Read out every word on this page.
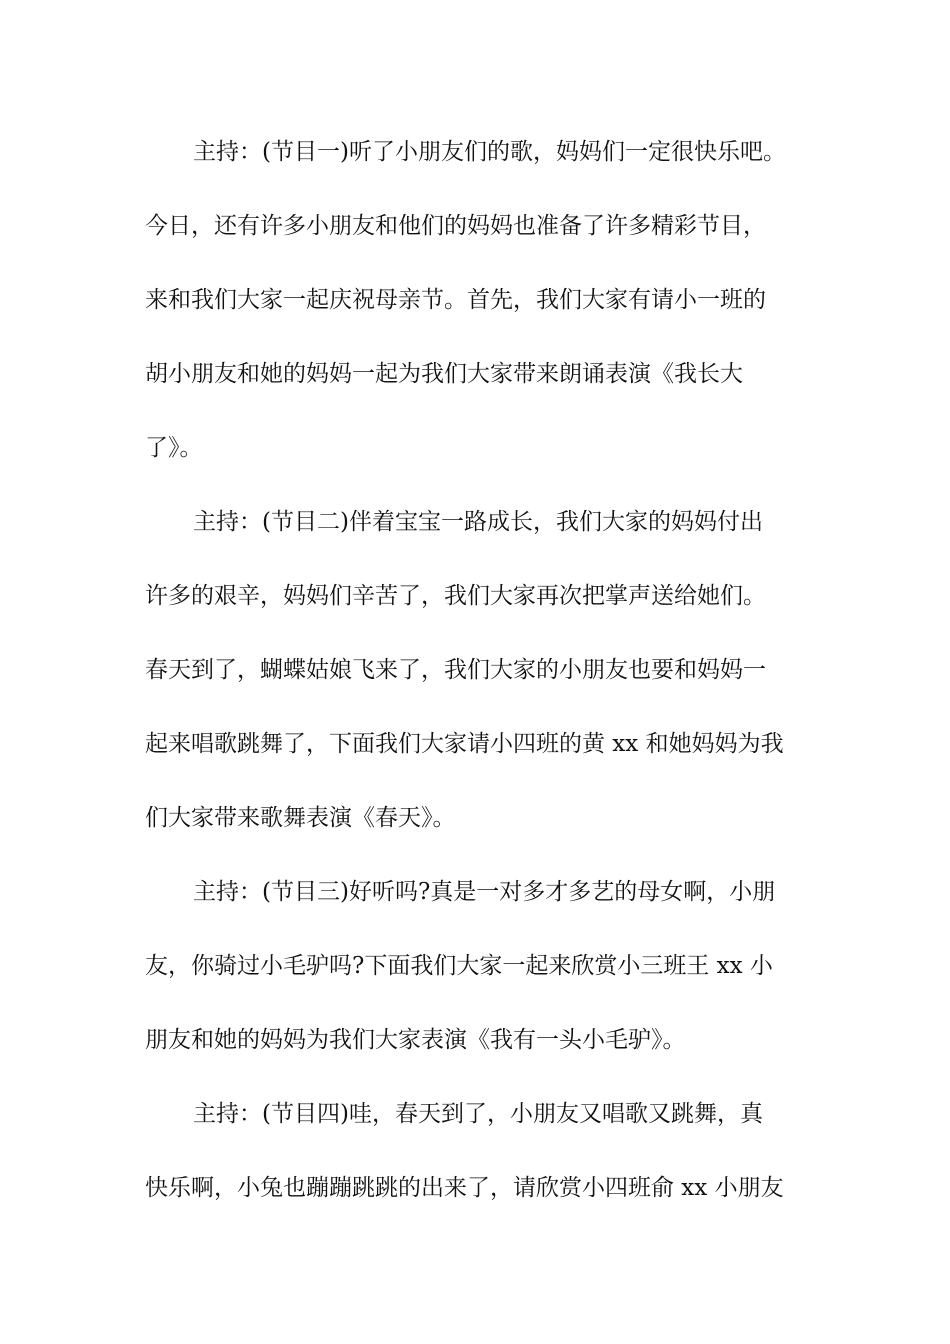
主持：(节目一)听了小朋友们的歌，妈妈们一定很快乐吧。
今日，还有许多小朋友和他们的妈妈也准备了许多精彩节目，
来和我们大家一起庆祝母亲节。首先，我们大家有请小一班的
胡小朋友和她的妈妈一起为我们大家带来朗诵表演《我长大
了》。
主持：(节目二)伴着宝宝一路成长，我们大家的妈妈付出
许多的艰辛，妈妈们辛苦了，我们大家再次把掌声送给她们。
春天到了，蝴蝶姑娘飞来了，我们大家的小朋友也要和妈妈一
起来唱歌跳舞了，下面我们大家请小四班的黄 xx 和她妈妈为我
们大家带来歌舞表演《春天》。
主持：(节目三)好听吗?真是一对多才多艺的母女啊，小朋
友，你骑过小毛驴吗?下面我们大家一起来欣赏小三班王 xx 小
朋友和她的妈妈为我们大家表演《我有一头小毛驴》。
主持：(节目四)哇，春天到了，小朋友又唱歌又跳舞，真
快乐啊，小兔也蹦蹦跳跳的出来了，请欣赏小四班俞 xx 小朋友
